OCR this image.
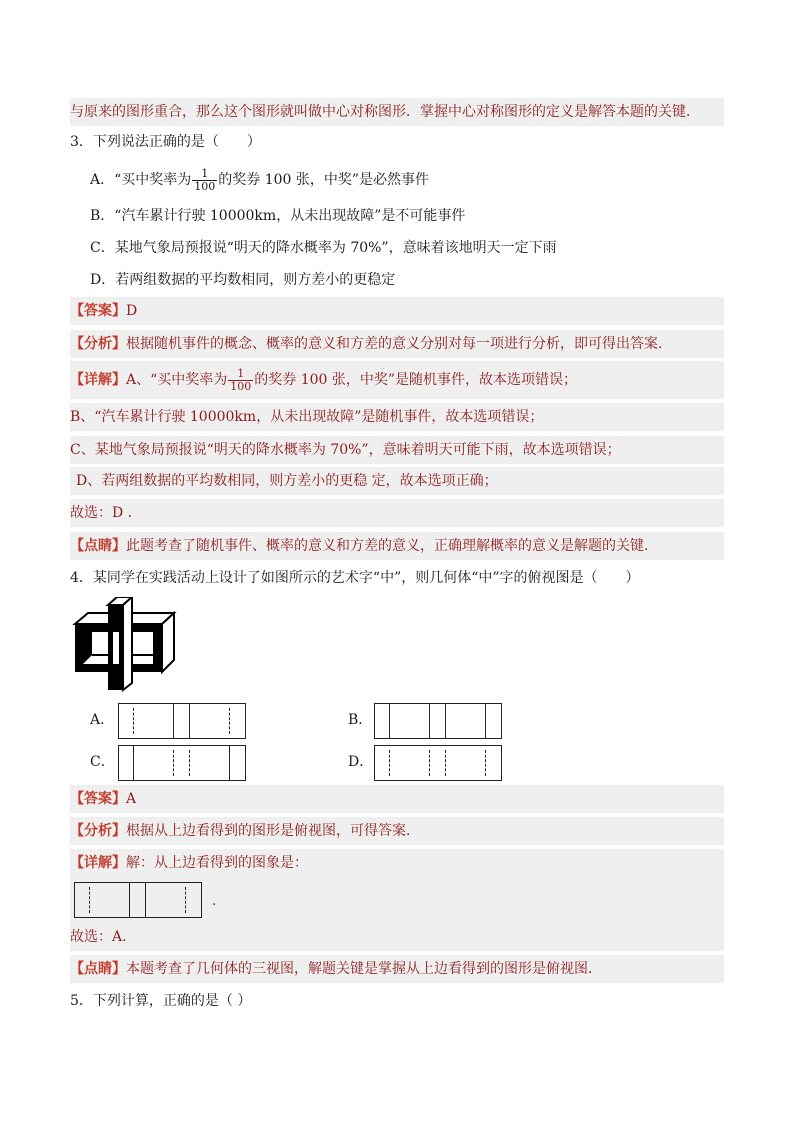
与原来的图形重合，那么这个图形就叫做中心对称图形．掌握中心对称图形的定义是解答本题的关键．
3．下列说法正确的是（　　）
A．“买中奖率为 $\frac{1}{100}$ 的奖券 100 张，中奖”是必然事件
B．“汽车累计行驶 10000km，从未出现故障”是不可能事件
C．某地气象局预报说“明天的降水概率为 70%”，意味着该地明天一定下雨
D．若两组数据的平均数相同，则方差小的更稳定
【答案】D
【分析】根据随机事件的概念、概率的意义和方差的意义分别对每一项进行分析，即可得出答案．
【详解】A、“买中奖率为 $\frac{1}{100}$ 的奖券 100 张，中奖”是随机事件，故本选项错误；
B、“汽车累计行驶 10000km，从未出现故障”是随机事件，故本选项错误；
C、某地气象局预报说“明天的降水概率为 70%”，意味着明天可能下雨，故本选项错误；
D、若两组数据的平均数相同，则方差小的更稳 定，故本选项正确；
故选：D ．
【点睛】此题考查了随机事件、概率的意义和方差的意义，正确理解概率的意义是解题的关键．
4．某同学在实践活动上设计了如图所示的艺术字“中”，则几何体“中”字的俯视图是（　　）
A．	B．
C．	D．
【答案】A
【分析】根据从上边看得到的图形是俯视图，可得答案．
【详解】解：从上边看得到的图象是：
．
故选：A．
【点睛】本题考查了几何体的三视图，解题关键是掌握从上边看得到的图形是俯视图．
5．下列计算，正确的是（ ）
